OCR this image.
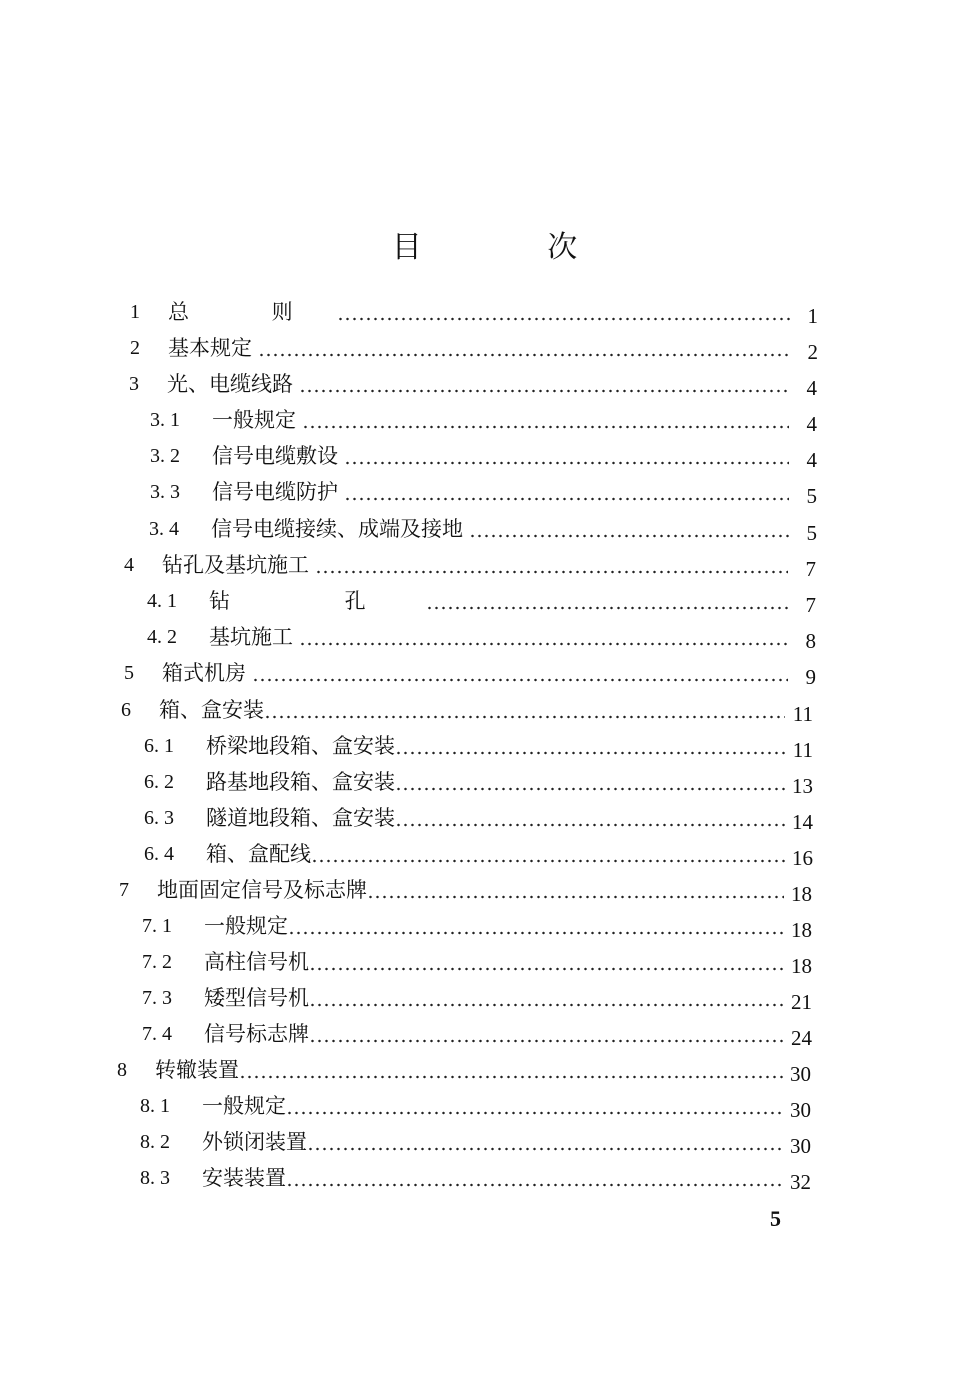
目 次
1	总 则	1
2	基本规定	2
3	光、电缆线路	4
3. 1	一般规定	4
3. 2	信号电缆敷设	4
3. 3	信号电缆防护	5
3. 4	信号电缆接续、成端及接地	5
4	钻孔及基坑施工	7
4. 1	钻 孔	7
4. 2	基坑施工	8
5	箱式机房	9
6	箱、盒安装	11
6. 1	桥梁地段箱、盒安装	11
6. 2	路基地段箱、盒安装	13
6. 3	隧道地段箱、盒安装	14
6. 4	箱、盒配线	16
7	地面固定信号及标志牌	18
7. 1	一般规定	18
7. 2	高柱信号机	18
7. 3	矮型信号机	21
7. 4	信号标志牌	24
8	转辙装置	30
8. 1	一般规定	30
8. 2	外锁闭装置	30
8. 3	安装装置	32
5
